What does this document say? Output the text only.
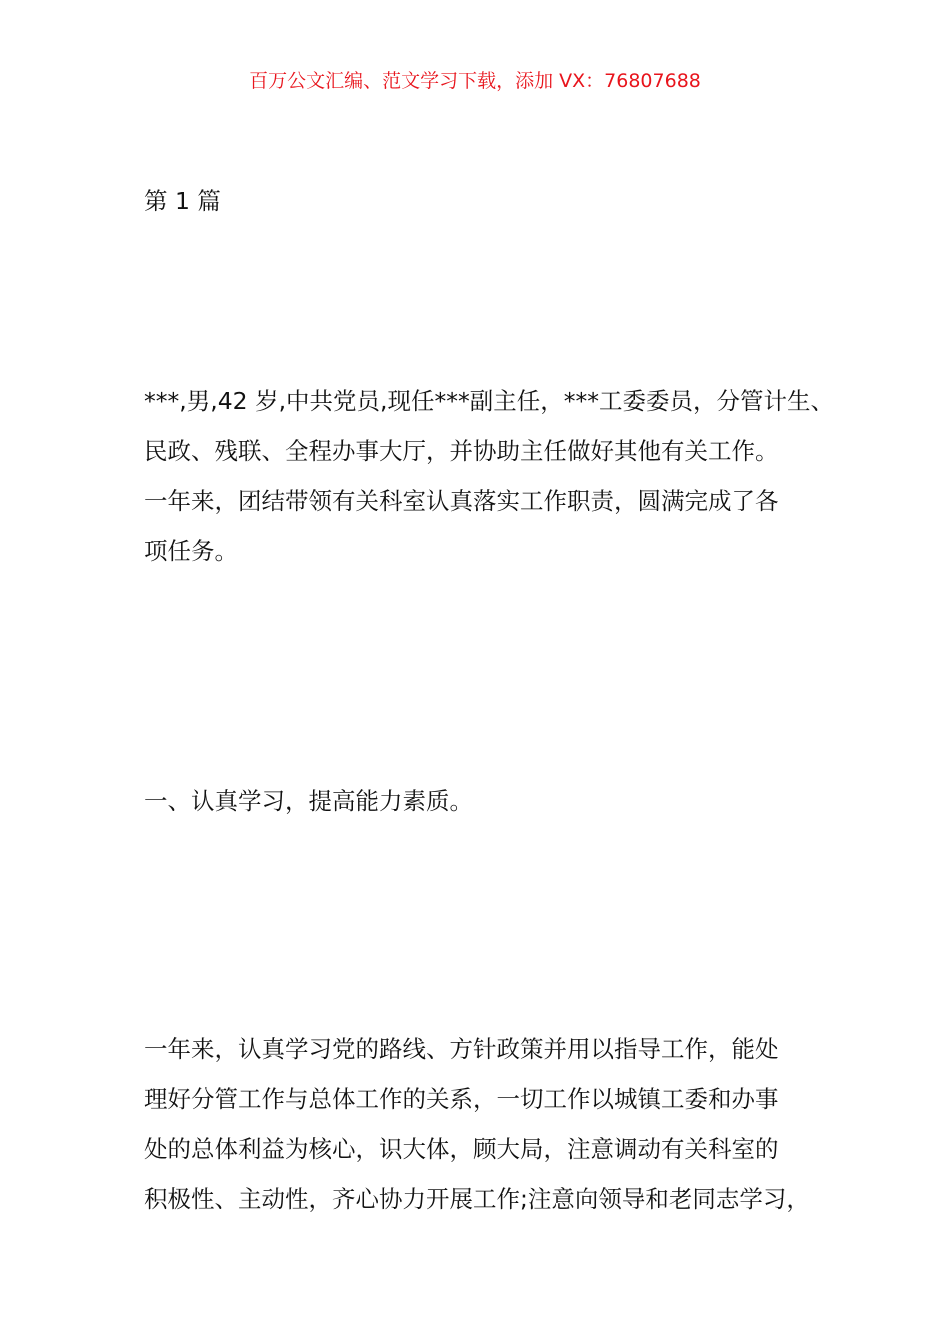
百万公文汇编、范文学习下载，添加 VX：76807688
第 1 篇
***,男,42 岁,中共党员,现任***副主任，***工委委员，分管计生、
民政、残联、全程办事大厅，并协助主任做好其他有关工作。
一年来，团结带领有关科室认真落实工作职责，圆满完成了各
项任务。
一、认真学习，提高能力素质。
一年来，认真学习党的路线、方针政策并用以指导工作，能处
理好分管工作与总体工作的关系，一切工作以城镇工委和办事
处的总体利益为核心，识大体，顾大局，注意调动有关科室的
积极性、主动性，齐心协力开展工作;注意向领导和老同志学习，
